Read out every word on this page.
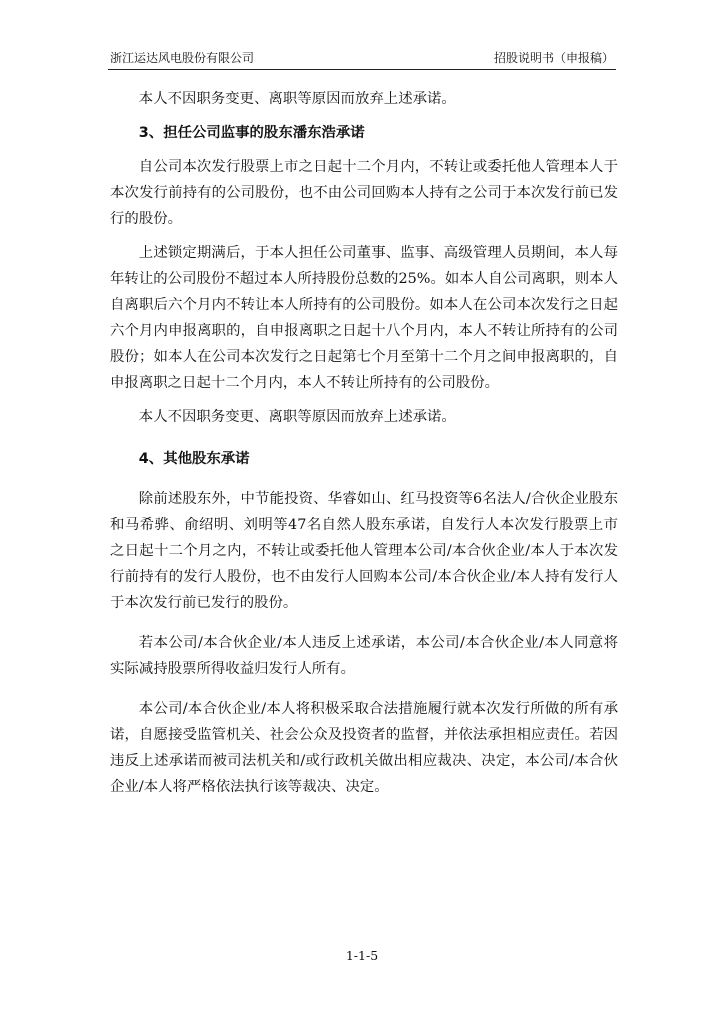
浙江运达风电股份有限公司	招股说明书（申报稿）

本人不因职务变更、离职等原因而放弃上述承诺。

3、担任公司监事的股东潘东浩承诺

自公司本次发行股票上市之日起十二个月内，不转让或委托他人管理本人于本次发行前持有的公司股份，也不由公司回购本人持有之公司于本次发行前已发行的股份。

上述锁定期满后，于本人担任公司董事、监事、高级管理人员期间，本人每年转让的公司股份不超过本人所持股份总数的25%。如本人自公司离职，则本人自离职后六个月内不转让本人所持有的公司股份。如本人在公司本次发行之日起六个月内申报离职的，自申报离职之日起十八个月内，本人不转让所持有的公司股份；如本人在公司本次发行之日起第七个月至第十二个月之间申报离职的，自申报离职之日起十二个月内，本人不转让所持有的公司股份。

本人不因职务变更、离职等原因而放弃上述承诺。

4、其他股东承诺

除前述股东外，中节能投资、华睿如山、红马投资等6名法人/合伙企业股东和马希骅、俞绍明、刘明等47名自然人股东承诺，自发行人本次发行股票上市之日起十二个月之内，不转让或委托他人管理本公司/本合伙企业/本人于本次发行前持有的发行人股份，也不由发行人回购本公司/本合伙企业/本人持有发行人于本次发行前已发行的股份。

若本公司/本合伙企业/本人违反上述承诺，本公司/本合伙企业/本人同意将实际减持股票所得收益归发行人所有。

本公司/本合伙企业/本人将积极采取合法措施履行就本次发行所做的所有承诺，自愿接受监管机关、社会公众及投资者的监督，并依法承担相应责任。若因违反上述承诺而被司法机关和/或行政机关做出相应裁决、决定，本公司/本合伙企业/本人将严格依法执行该等裁决、决定。

1-1-5
